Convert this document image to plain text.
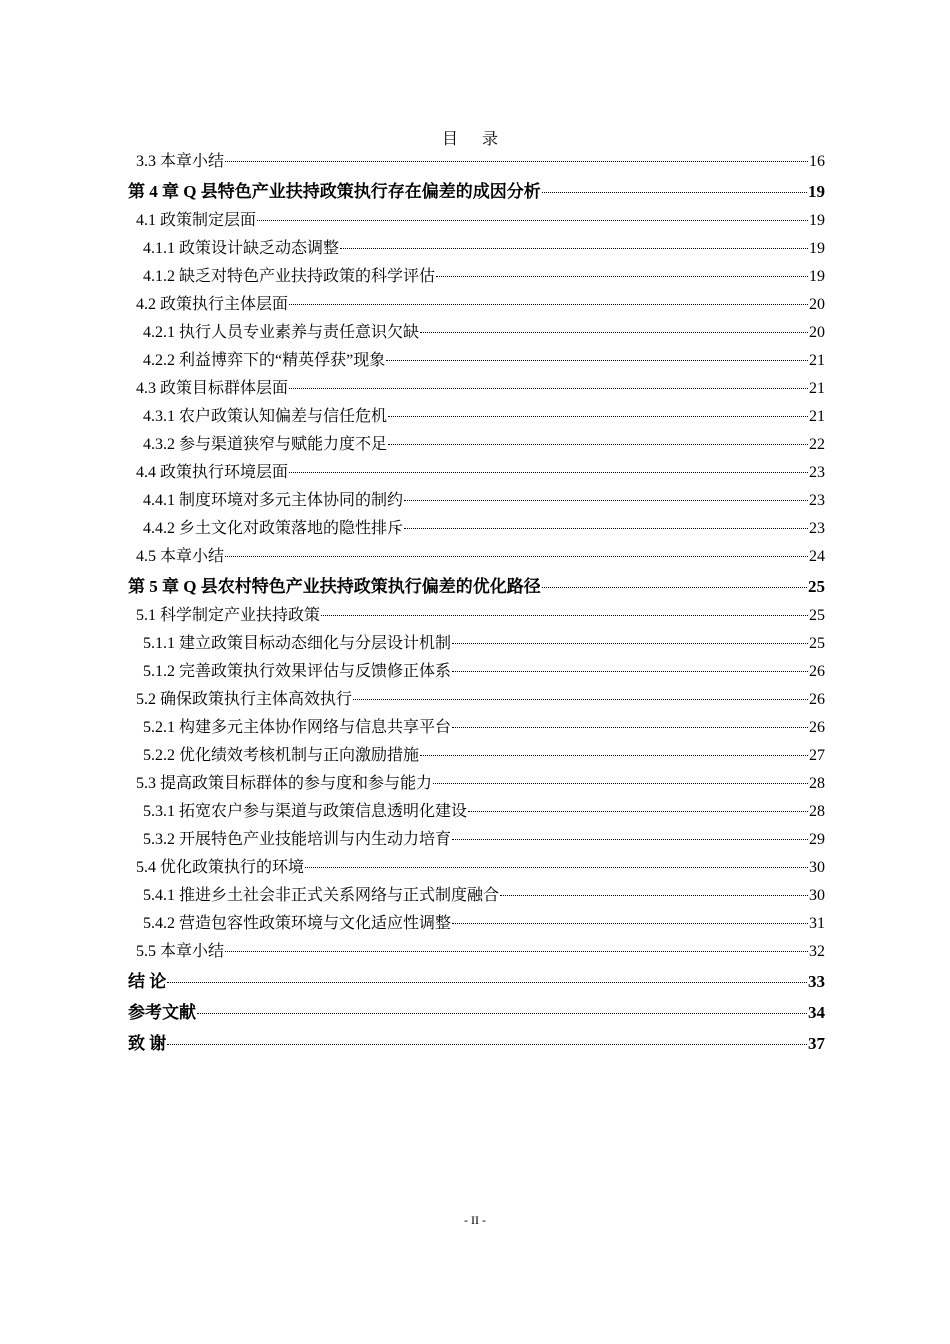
目 录
3.3 本章小结	16
第 4 章 Q 县特色产业扶持政策执行存在偏差的成因分析	19
4.1 政策制定层面	19
4.1.1 政策设计缺乏动态调整	19
4.1.2 缺乏对特色产业扶持政策的科学评估	19
4.2 政策执行主体层面	20
4.2.1 执行人员专业素养与责任意识欠缺	20
4.2.2 利益博弈下的“精英俘获”现象	21
4.3 政策目标群体层面	21
4.3.1 农户政策认知偏差与信任危机	21
4.3.2 参与渠道狭窄与赋能力度不足	22
4.4 政策执行环境层面	23
4.4.1 制度环境对多元主体协同的制约	23
4.4.2 乡土文化对政策落地的隐性排斥	23
4.5 本章小结	24
第 5 章 Q 县农村特色产业扶持政策执行偏差的优化路径	25
5.1 科学制定产业扶持政策	25
5.1.1 建立政策目标动态细化与分层设计机制	25
5.1.2 完善政策执行效果评估与反馈修正体系	26
5.2 确保政策执行主体高效执行	26
5.2.1 构建多元主体协作网络与信息共享平台	26
5.2.2 优化绩效考核机制与正向激励措施	27
5.3 提高政策目标群体的参与度和参与能力	28
5.3.1 拓宽农户参与渠道与政策信息透明化建设	28
5.3.2 开展特色产业技能培训与内生动力培育	29
5.4 优化政策执行的环境	30
5.4.1 推进乡土社会非正式关系网络与正式制度融合	30
5.4.2 营造包容性政策环境与文化适应性调整	31
5.5 本章小结	32
结 论	33
参考文献	34
致 谢	37
- II -
